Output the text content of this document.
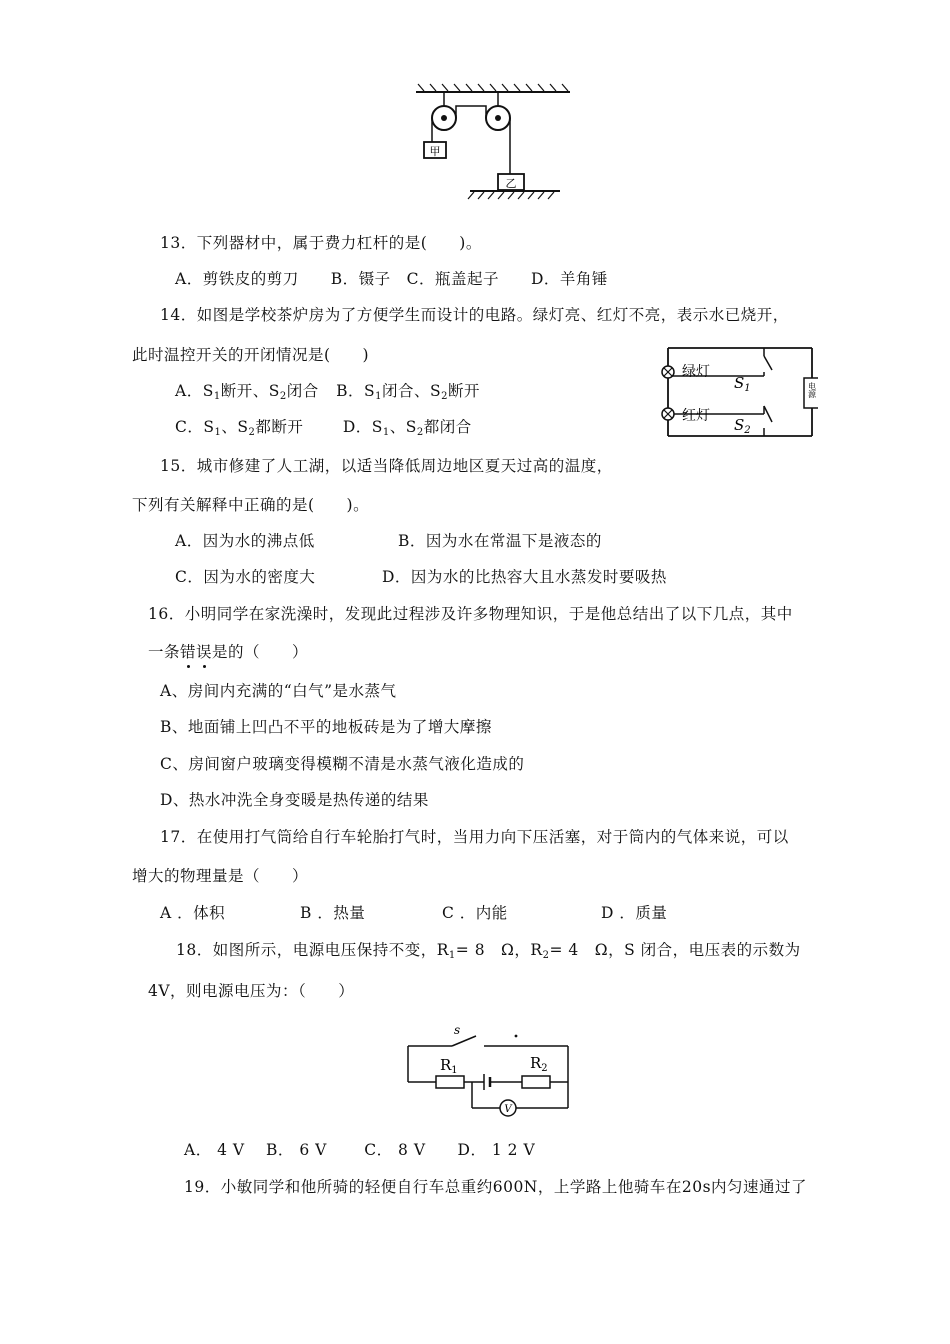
甲
乙
13．下列器材中，属于费力杠杆的是(　　)。
A．剪铁皮的剪刀　　B．镊子　C．瓶盖起子　　D．羊角锤
14．如图是学校茶炉房为了方便学生而设计的电路。绿灯亮、红灯不亮，表示水已烧开，
此时温控开关的开闭情况是(　　)
A．$S_1$断开、$S_2$闭合 B．$S_1$闭合、$S_2$断开
C．$S_1$、$S_2$都断开	D．$S_1$、$S_2$都闭合
绿灯
红灯
$S_1$
$S_2$
电源
15．城市修建了人工湖，以适当降低周边地区夏天过高的温度，
下列有关解释中正确的是(　　)。
A．因为水的沸点低	B．因为水在常温下是液态的
C．因为水的密度大	D．因为水的比热容大且水蒸发时要吸热
16．小明同学在家洗澡时，发现此过程涉及许多物理知识，于是他总结出了以下几点，其中
一条错误是的（　　）
A、房间内充满的“白气”是水蒸气
B、地面铺上凹凸不平的地板砖是为了增大摩擦
C、房间窗户玻璃变得模糊不清是水蒸气液化造成的
D、热水冲洗全身变暖是热传递的结果
17．在使用打气筒给自行车轮胎打气时，当用力向下压活塞，对于筒内的气体来说，可以
增大的物理量是（　　）
A ．体积	B ．热量	C ．内能	D ．质量
18．如图所示，电源电压保持不变，$R_1= 8$　Ω，$R_2= 4$　Ω，S 闭合，电压表的示数为
4V，则电源电压为：（　　）
s
V
$R_1$	$R_2$
A． 4 V　 B． 6 V　　 C． 8 V　　D． 1 2 V
19．小敏同学和他所骑的轻便自行车总重约600N，上学路上他骑车在20s内匀速通过了
